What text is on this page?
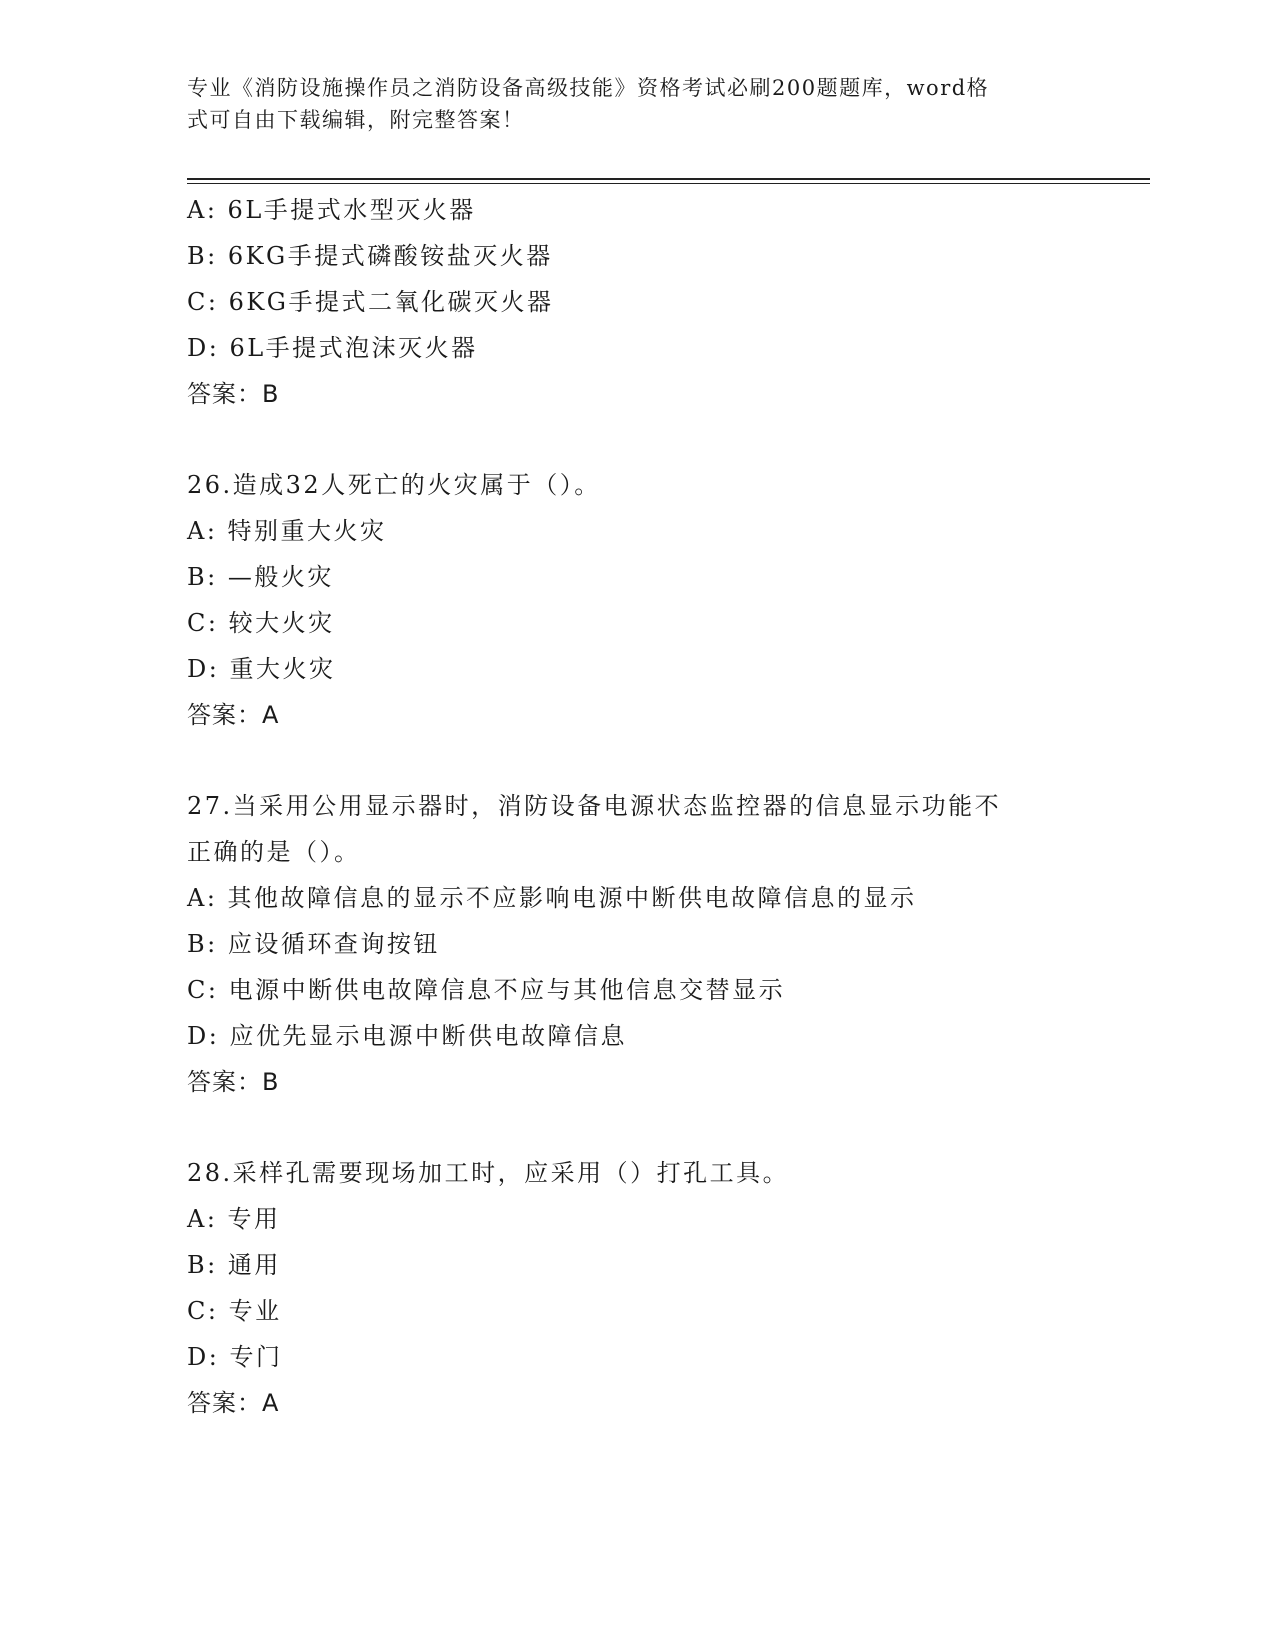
专业《消防设施操作员之消防设备高级技能》资格考试必刷200题题库，word格
式可自由下载编辑，附完整答案！
A: 6L手提式水型灭火器
B: 6KG手提式磷酸铵盐灭火器
C: 6KG手提式二氧化碳灭火器
D: 6L手提式泡沫灭火器
答案：B
26.造成32人死亡的火灾属于（）。
A: 特别重大火灾
B: —般火灾
C: 较大火灾
D: 重大火灾
答案：A
27.当采用公用显示器时，消防设备电源状态监控器的信息显示功能不
正确的是（）。
A: 其他故障信息的显示不应影响电源中断供电故障信息的显示
B: 应设循环查询按钮
C: 电源中断供电故障信息不应与其他信息交替显示
D: 应优先显示电源中断供电故障信息
答案：B
28.采样孔需要现场加工时，应采用（）打孔工具。
A: 专用
B: 通用
C: 专业
D: 专门
答案：A
